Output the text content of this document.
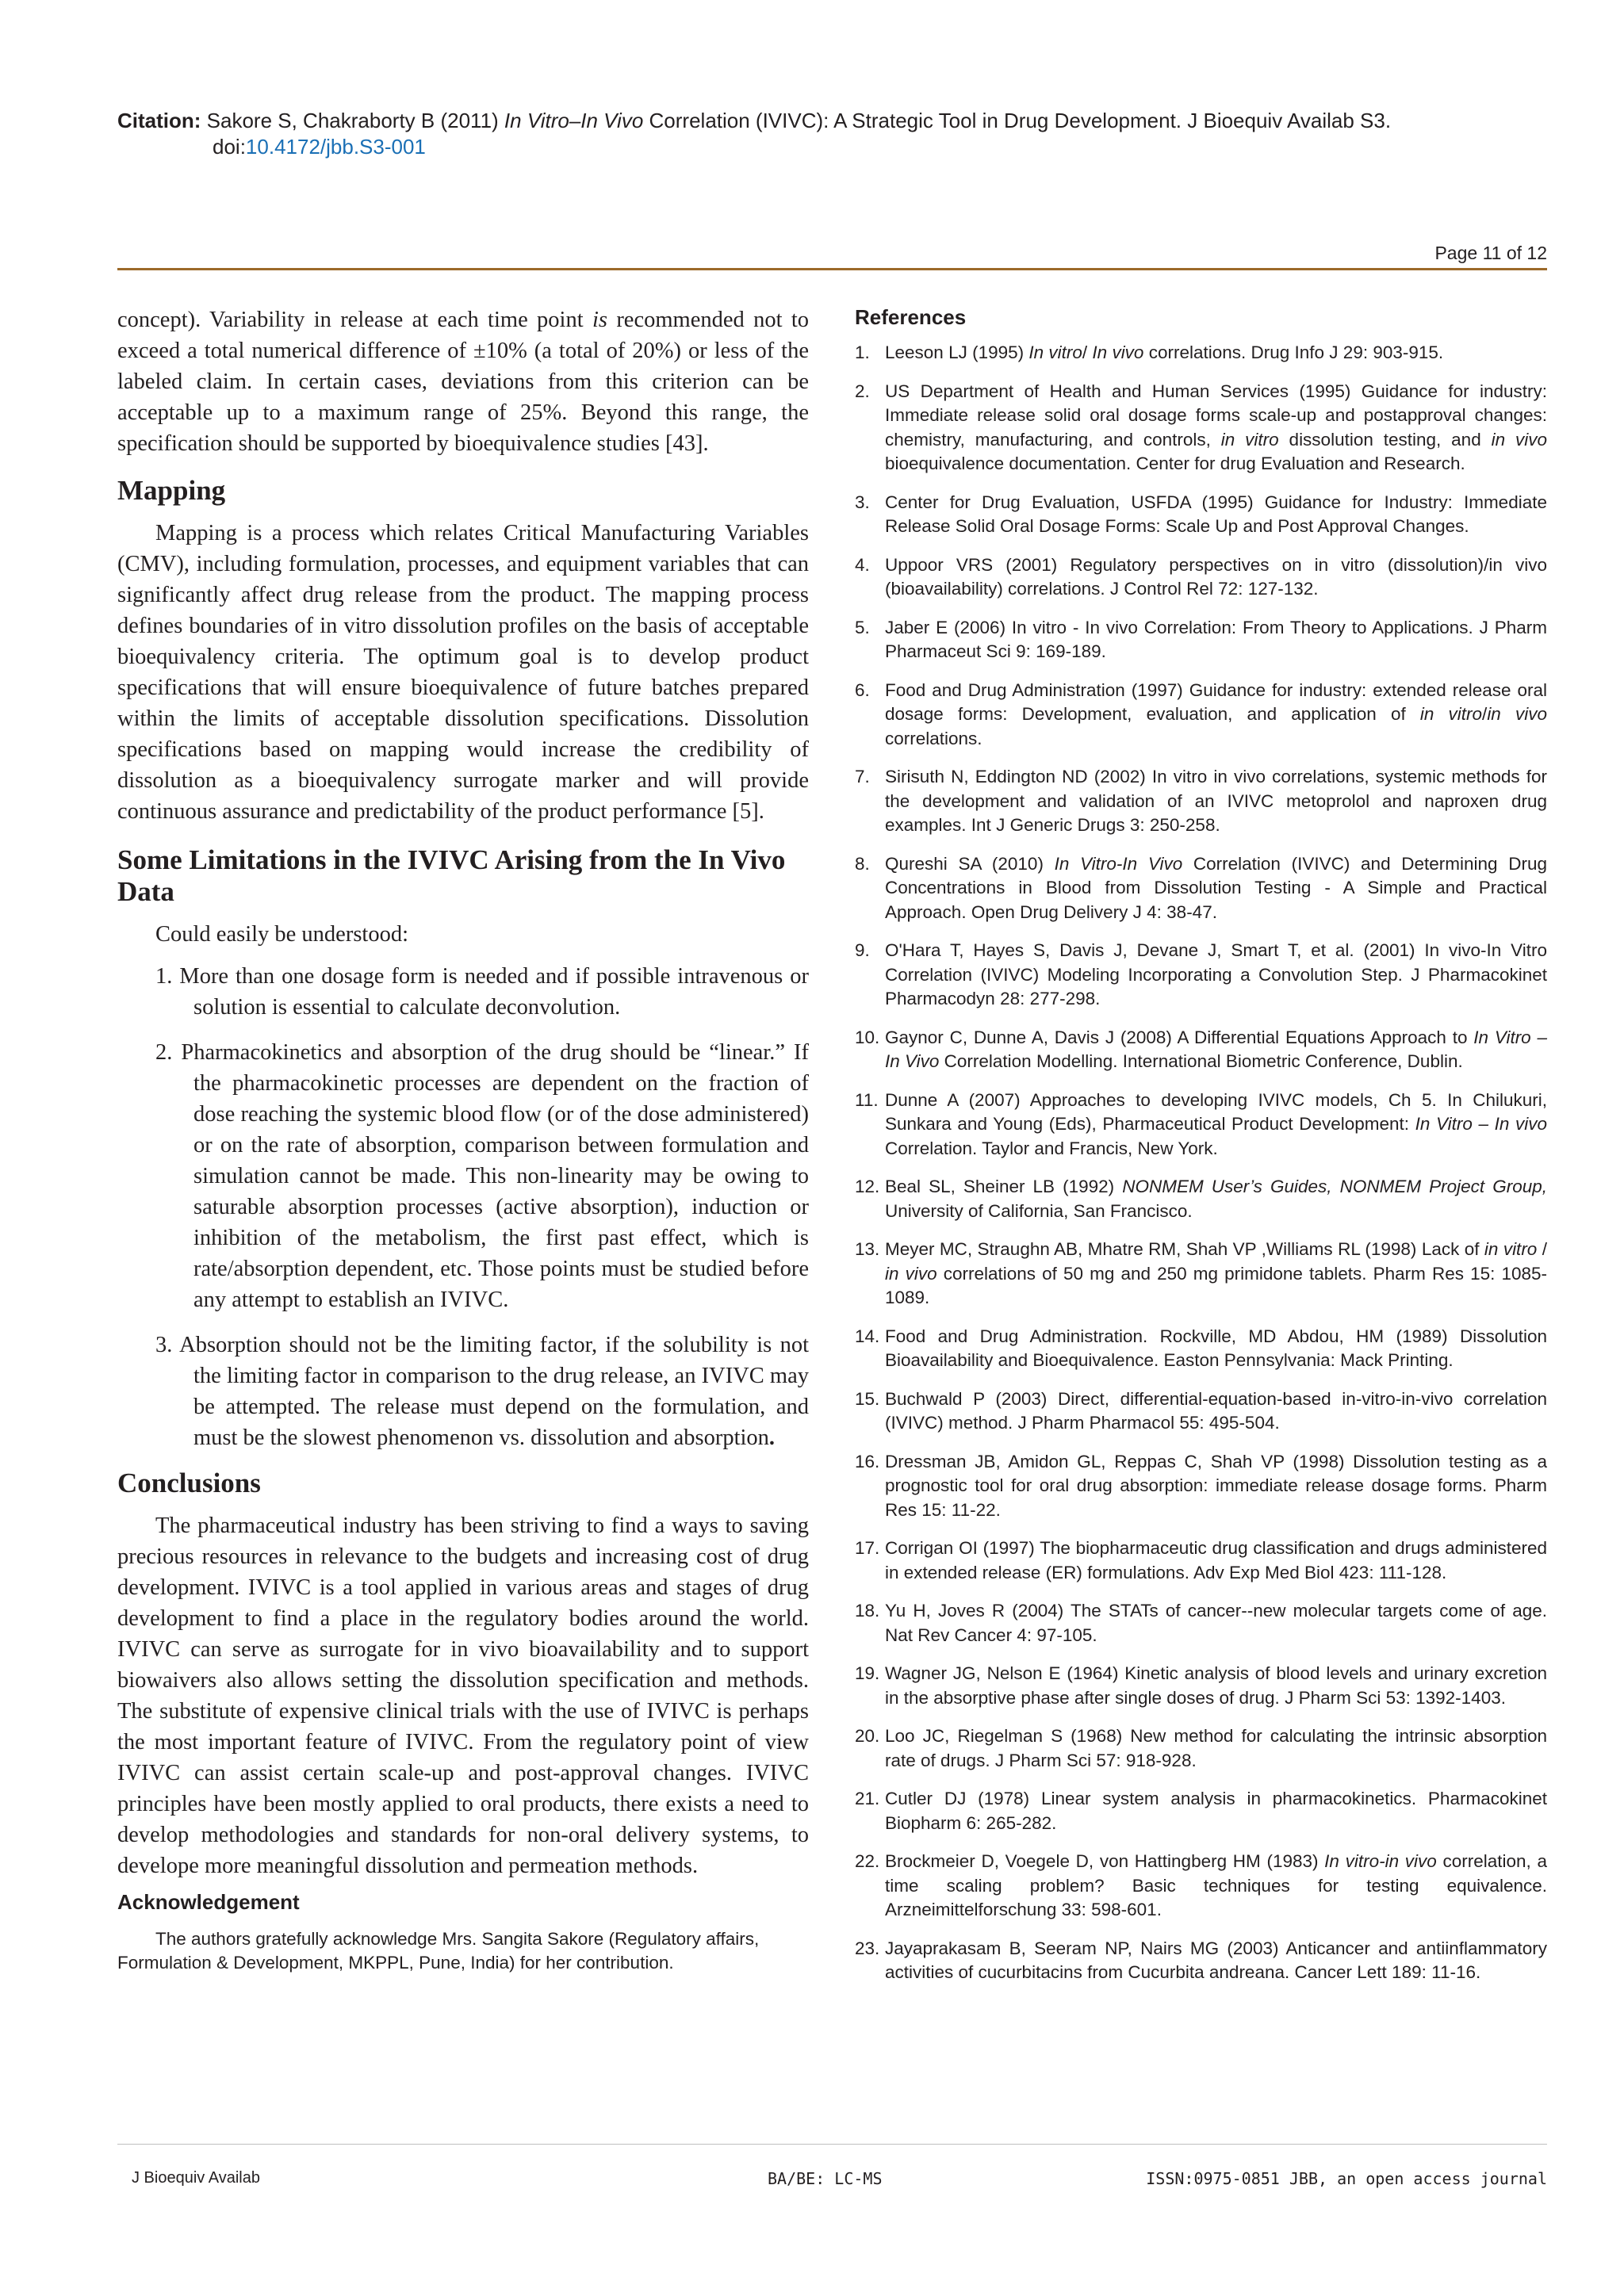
Citation: Sakore S, Chakraborty B (2011) In Vitro–In Vivo Correlation (IVIVC): A Strategic Tool in Drug Development. J Bioequiv Availab S3.
doi:10.4172/jbb.S3-001
Page 11 of 12

concept). Variability in release at each time point is recommended not to exceed a total numerical difference of ±10% (a total of 20%) or less of the labeled claim. In certain cases, deviations from this criterion can be acceptable up to a maximum range of 25%. Beyond this range, the specification should be supported by bioequivalence studies [43].

Mapping

Mapping is a process which relates Critical Manufacturing Variables (CMV), including formulation, processes, and equipment variables that can significantly affect drug release from the product. The mapping process defines boundaries of in vitro dissolution profiles on the basis of acceptable bioequivalency criteria. The optimum goal is to develop product specifications that will ensure bioequivalence of future batches prepared within the limits of acceptable dissolution specifications. Dissolution specifications based on mapping would increase the credibility of dissolution as a bioequivalency surrogate marker and will provide continuous assurance and predictability of the product performance [5].

Some Limitations in the IVIVC Arising from the In Vivo Data

Could easily be understood:

1. More than one dosage form is needed and if possible intravenous or solution is essential to calculate deconvolution.

2. Pharmacokinetics and absorption of the drug should be “linear.” If the pharmacokinetic processes are dependent on the fraction of dose reaching the systemic blood flow (or of the dose administered) or on the rate of absorption, comparison between formulation and simulation cannot be made. This non-linearity may be owing to saturable absorption processes (active absorption), induction or inhibition of the metabolism, the first past effect, which is rate/absorption dependent, etc. Those points must be studied before any attempt to establish an IVIVC.

3. Absorption should not be the limiting factor, if the solubility is not the limiting factor in comparison to the drug release, an IVIVC may be attempted. The release must depend on the formulation, and must be the slowest phenomenon vs. dissolution and absorption.

Conclusions

The pharmaceutical industry has been striving to find a ways to saving precious resources in relevance to the budgets and increasing cost of drug development. IVIVC is a tool applied in various areas and stages of drug development to find a place in the regulatory bodies around the world. IVIVC can serve as surrogate for in vivo bioavailability and to support biowaivers also allows setting the dissolution specification and methods. The substitute of expensive clinical trials with the use of IVIVC is perhaps the most important feature of IVIVC. From the regulatory point of view IVIVC can assist certain scale-up and post-approval changes. IVIVC principles have been mostly applied to oral products, there exists a need to develop methodologies and standards for non-oral delivery systems, to develope more meaningful dissolution and permeation methods.

Acknowledgement

The authors gratefully acknowledge Mrs. Sangita Sakore (Regulatory affairs, Formulation & Development, MKPPL, Pune, India) for her contribution.

References
1. Leeson LJ (1995) In vitro/ In vivo correlations. Drug Info J 29: 903-915.
2. US Department of Health and Human Services (1995) Guidance for industry: Immediate release solid oral dosage forms scale-up and postapproval changes: chemistry, manufacturing, and controls, in vitro dissolution testing, and in vivo bioequivalence documentation. Center for drug Evaluation and Research.
3. Center for Drug Evaluation, USFDA (1995) Guidance for Industry: Immediate Release Solid Oral Dosage Forms: Scale Up and Post Approval Changes.
4. Uppoor VRS (2001) Regulatory perspectives on in vitro (dissolution)/in vivo (bioavailability) correlations. J Control Rel 72: 127-132.
5. Jaber E (2006) In vitro - In vivo Correlation: From Theory to Applications. J Pharm Pharmaceut Sci 9: 169-189.
6. Food and Drug Administration (1997) Guidance for industry: extended release oral dosage forms: Development, evaluation, and application of in vitro/in vivo correlations.
7. Sirisuth N, Eddington ND (2002) In vitro in vivo correlations, systemic methods for the development and validation of an IVIVC metoprolol and naproxen drug examples. Int J Generic Drugs 3: 250-258.
8. Qureshi SA (2010) In Vitro-In Vivo Correlation (IVIVC) and Determining Drug Concentrations in Blood from Dissolution Testing - A Simple and Practical Approach. Open Drug Delivery J 4: 38-47.
9. O'Hara T, Hayes S, Davis J, Devane J, Smart T, et al. (2001) In vivo-In Vitro Correlation (IVIVC) Modeling Incorporating a Convolution Step. J Pharmacokinet Pharmacodyn 28: 277-298.
10. Gaynor C, Dunne A, Davis J (2008) A Differential Equations Approach to In Vitro – In Vivo Correlation Modelling. International Biometric Conference, Dublin.
11. Dunne A (2007) Approaches to developing IVIVC models, Ch 5. In Chilukuri, Sunkara and Young (Eds), Pharmaceutical Product Development: In Vitro – In vivo Correlation. Taylor and Francis, New York.
12. Beal SL, Sheiner LB (1992) NONMEM User’s Guides, NONMEM Project Group, University of California, San Francisco.
13. Meyer MC, Straughn AB, Mhatre RM, Shah VP ,Williams RL (1998) Lack of in vitro / in vivo correlations of 50 mg and 250 mg primidone tablets. Pharm Res 15: 1085-1089.
14. Food and Drug Administration. Rockville, MD Abdou, HM (1989) Dissolution Bioavailability and Bioequivalence. Easton Pennsylvania: Mack Printing.
15. Buchwald P (2003) Direct, differential-equation-based in-vitro-in-vivo correlation (IVIVC) method. J Pharm Pharmacol 55: 495-504.
16. Dressman JB, Amidon GL, Reppas C, Shah VP (1998) Dissolution testing as a prognostic tool for oral drug absorption: immediate release dosage forms. Pharm Res 15: 11-22.
17. Corrigan OI (1997) The biopharmaceutic drug classification and drugs administered in extended release (ER) formulations. Adv Exp Med Biol 423: 111-128.
18. Yu H, Joves R (2004) The STATs of cancer--new molecular targets come of age. Nat Rev Cancer 4: 97-105.
19. Wagner JG, Nelson E (1964) Kinetic analysis of blood levels and urinary excretion in the absorptive phase after single doses of drug. J Pharm Sci 53: 1392-1403.
20. Loo JC, Riegelman S (1968) New method for calculating the intrinsic absorption rate of drugs. J Pharm Sci 57: 918-928.
21. Cutler DJ (1978) Linear system analysis in pharmacokinetics. Pharmacokinet Biopharm 6: 265-282.
22. Brockmeier D, Voegele D, von Hattingberg HM (1983) In vitro-in vivo correlation, a time scaling problem? Basic techniques for testing equivalence. Arzneimittelforschung 33: 598-601.
23. Jayaprakasam B, Seeram NP, Nairs MG (2003) Anticancer and antiinflammatory activities of cucurbitacins from Cucurbita andreana. Cancer Lett 189: 11-16.
J Bioequiv Availab	BA/BE: LC-MS	ISSN:0975-0851 JBB, an open access journal
